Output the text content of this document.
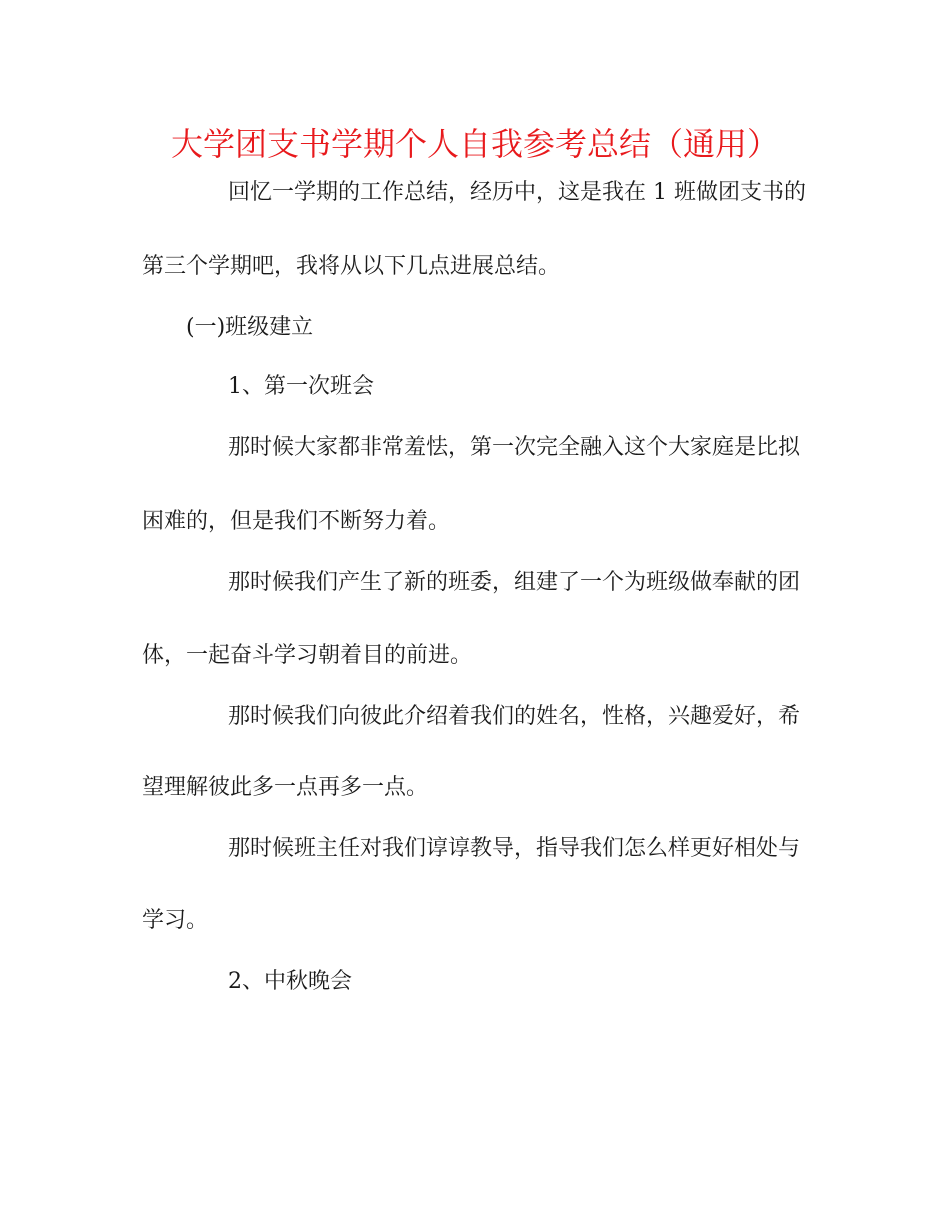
大学团支书学期个人自我参考总结（通用）

回忆一学期的工作总结，经历中，这是我在 1 班做团支书的

第三个学期吧，我将从以下几点进展总结。

(一)班级建立

1、第一次班会

那时候大家都非常羞怯，第一次完全融入这个大家庭是比拟

困难的，但是我们不断努力着。

那时候我们产生了新的班委，组建了一个为班级做奉献的团

体，一起奋斗学习朝着目的前进。

那时候我们向彼此介绍着我们的姓名，性格，兴趣爱好，希

望理解彼此多一点再多一点。

那时候班主任对我们谆谆教导，指导我们怎么样更好相处与

学习。

2、中秋晚会
